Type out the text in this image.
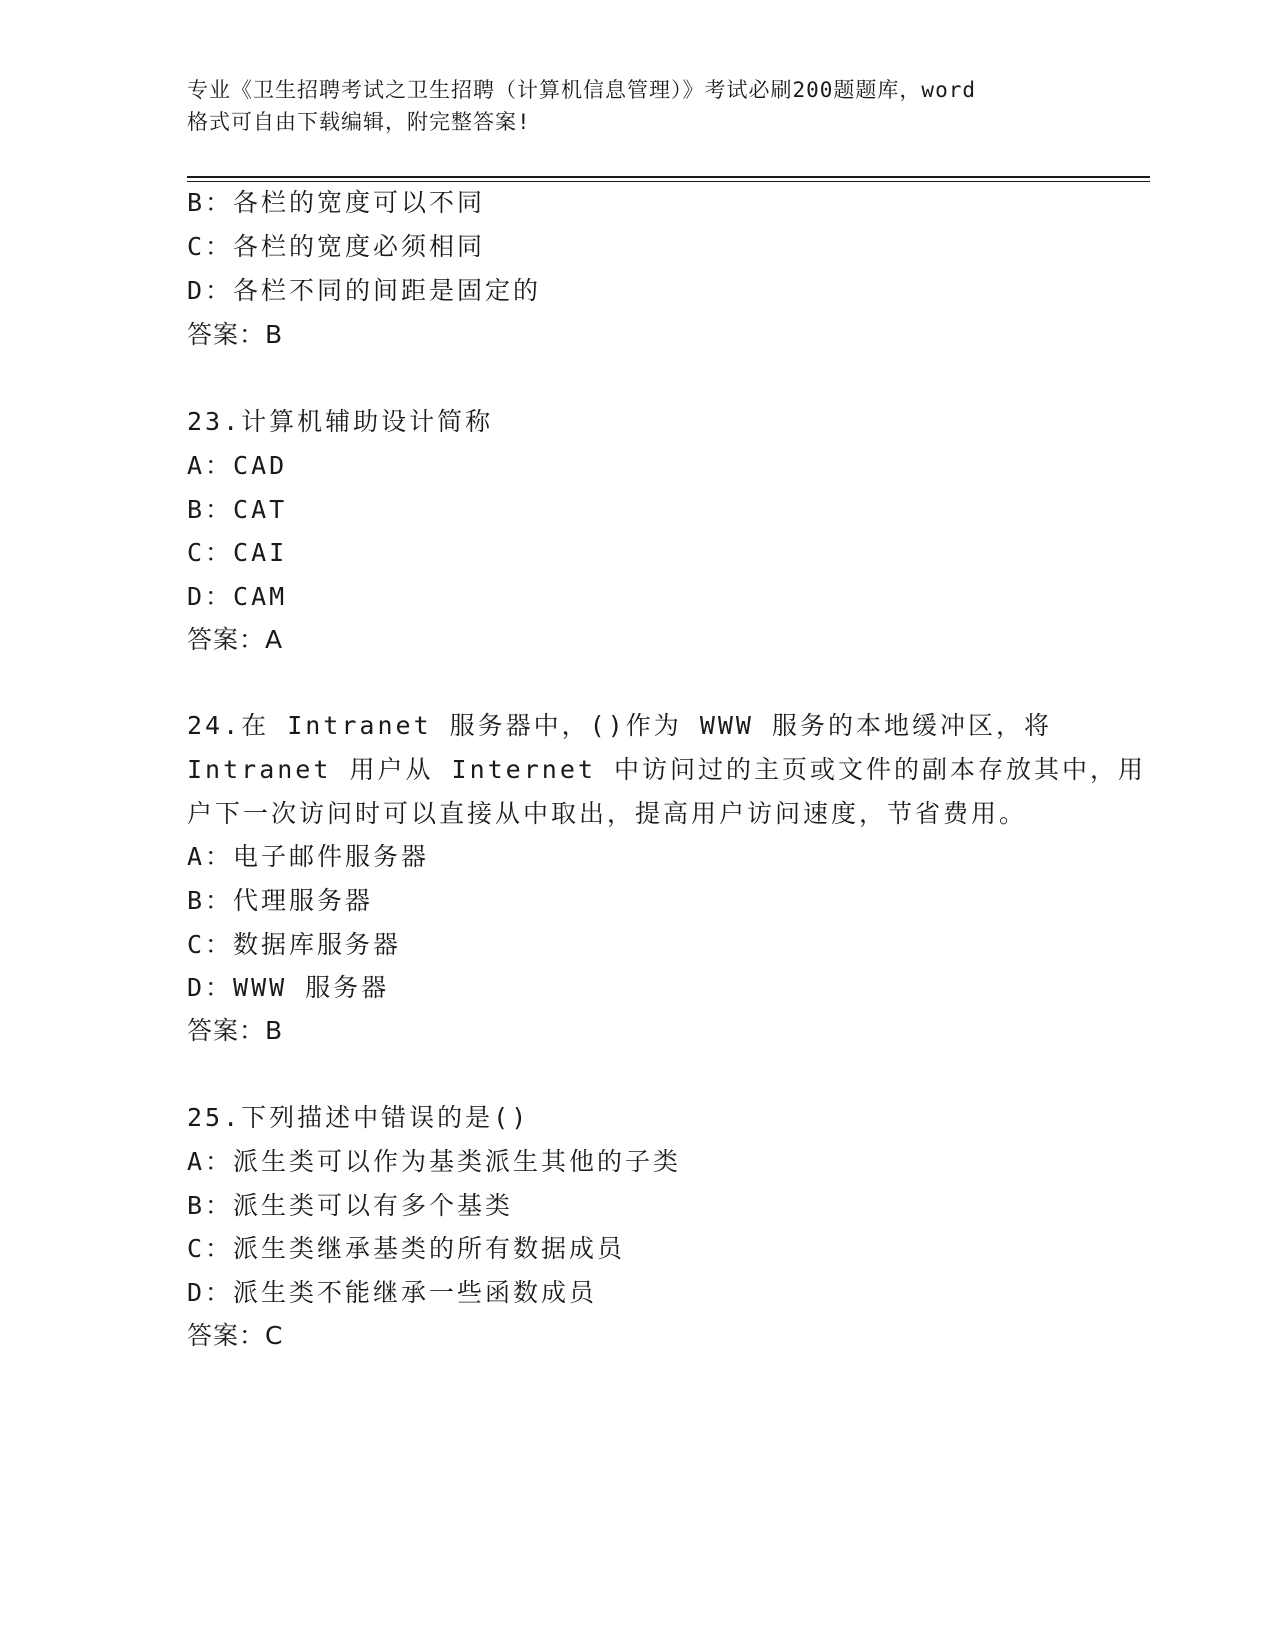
专业《卫生招聘考试之卫生招聘（计算机信息管理）》考试必刷200题题库，word
格式可自由下载编辑，附完整答案!
B：各栏的宽度可以不同
C：各栏的宽度必须相同
D：各栏不同的间距是固定的
答案：B
23.计算机辅助设计简称
A：CAD
B：CAT
C：CAI
D：CAM
答案：A
24.在 Intranet 服务器中，()作为 WWW 服务的本地缓冲区，将
Intranet 用户从 Internet 中访问过的主页或文件的副本存放其中，用
户下一次访问时可以直接从中取出，提高用户访问速度，节省费用。
A：电子邮件服务器
B：代理服务器
C：数据库服务器
D：WWW 服务器
答案：B
25.下列描述中错误的是()
A：派生类可以作为基类派生其他的子类
B：派生类可以有多个基类
C：派生类继承基类的所有数据成员
D：派生类不能继承一些函数成员
答案：C
